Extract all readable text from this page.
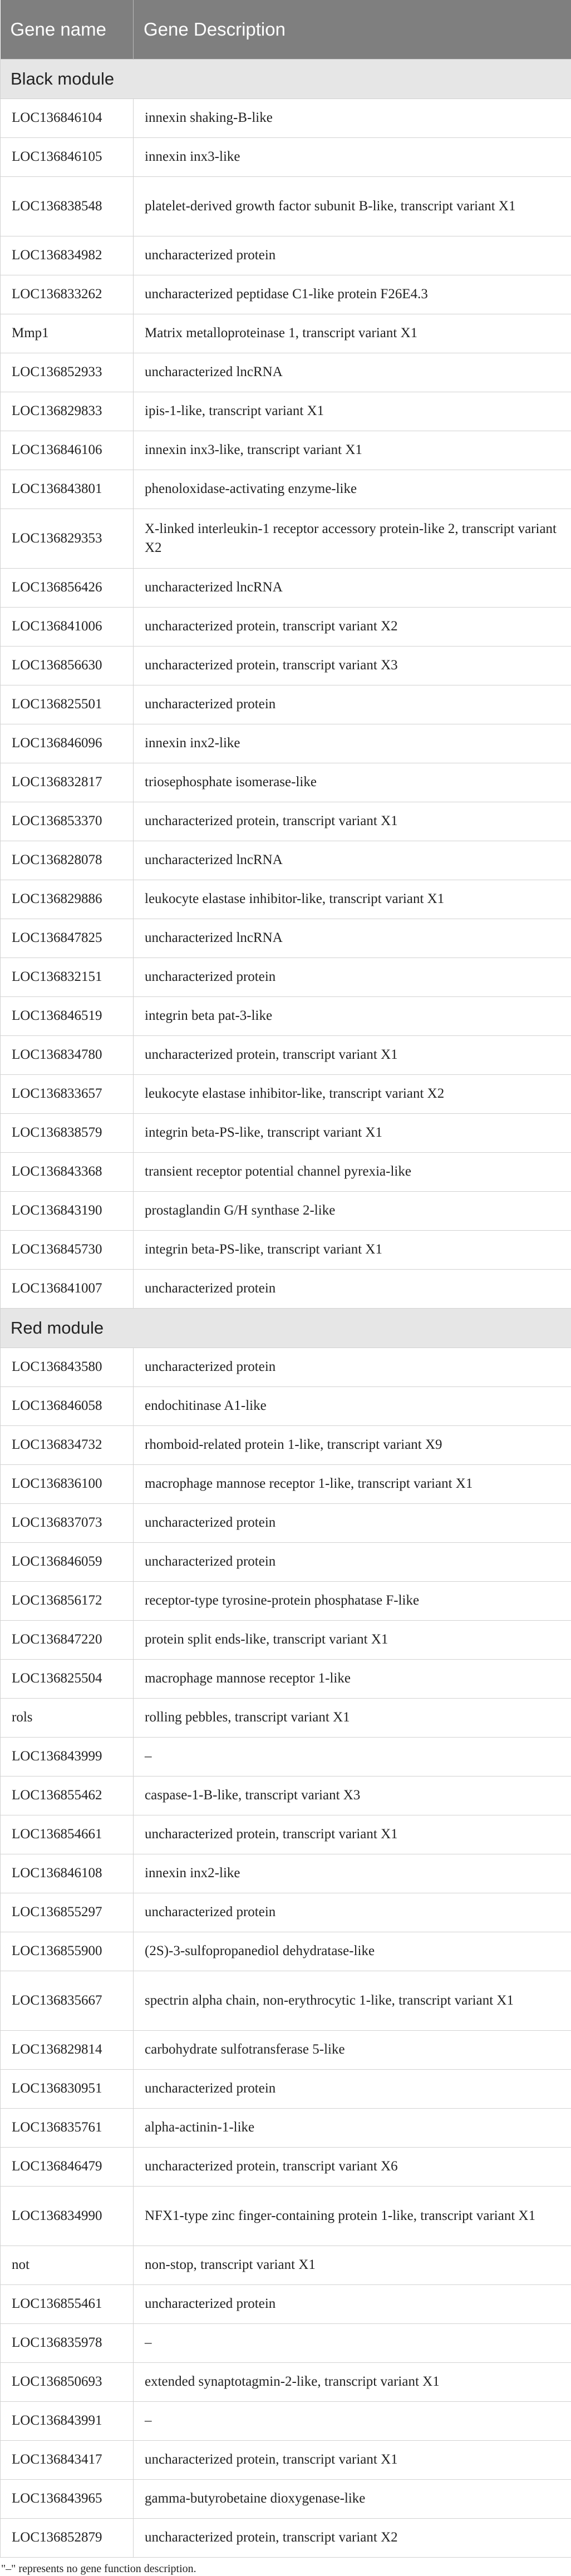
Gene name	Gene Description
Black module	
LOC136846104	innexin shaking-B-like
LOC136846105	innexin inx3-like
LOC136838548	platelet-derived growth factor subunit B-like, transcript variant X1
LOC136834982	uncharacterized protein
LOC136833262	uncharacterized peptidase C1-like protein F26E4.3
Mmp1	Matrix metalloproteinase 1, transcript variant X1
LOC136852933	uncharacterized lncRNA
LOC136829833	ipis-1-like, transcript variant X1
LOC136846106	innexin inx3-like, transcript variant X1
LOC136843801	phenoloxidase-activating enzyme-like
LOC136829353	X-linked interleukin-1 receptor accessory protein-like 2, transcript variant X2
LOC136856426	uncharacterized lncRNA
LOC136841006	uncharacterized protein, transcript variant X2
LOC136856630	uncharacterized protein, transcript variant X3
LOC136825501	uncharacterized protein
LOC136846096	innexin inx2-like
LOC136832817	triosephosphate isomerase-like
LOC136853370	uncharacterized protein, transcript variant X1
LOC136828078	uncharacterized lncRNA
LOC136829886	leukocyte elastase inhibitor-like, transcript variant X1
LOC136847825	uncharacterized lncRNA
LOC136832151	uncharacterized protein
LOC136846519	integrin beta pat-3-like
LOC136834780	uncharacterized protein, transcript variant X1
LOC136833657	leukocyte elastase inhibitor-like, transcript variant X2
LOC136838579	integrin beta-PS-like, transcript variant X1
LOC136843368	transient receptor potential channel pyrexia-like
LOC136843190	prostaglandin G/H synthase 2-like
LOC136845730	integrin beta-PS-like, transcript variant X1
LOC136841007	uncharacterized protein
Red module	
LOC136843580	uncharacterized protein
LOC136846058	endochitinase A1-like
LOC136834732	rhomboid-related protein 1-like, transcript variant X9
LOC136836100	macrophage mannose receptor 1-like, transcript variant X1
LOC136837073	uncharacterized protein
LOC136846059	uncharacterized protein
LOC136856172	receptor-type tyrosine-protein phosphatase F-like
LOC136847220	protein split ends-like, transcript variant X1
LOC136825504	macrophage mannose receptor 1-like
rols	rolling pebbles, transcript variant X1
LOC136843999	–
LOC136855462	caspase-1-B-like, transcript variant X3
LOC136854661	uncharacterized protein, transcript variant X1
LOC136846108	innexin inx2-like
LOC136855297	uncharacterized protein
LOC136855900	(2S)-3-sulfopropanediol dehydratase-like
LOC136835667	spectrin alpha chain, non-erythrocytic 1-like, transcript variant X1
LOC136829814	carbohydrate sulfotransferase 5-like
LOC136830951	uncharacterized protein
LOC136835761	alpha-actinin-1-like
LOC136846479	uncharacterized protein, transcript variant X6
LOC136834990	NFX1-type zinc finger-containing protein 1-like, transcript variant X1
not	non-stop, transcript variant X1
LOC136855461	uncharacterized protein
LOC136835978	–
LOC136850693	extended synaptotagmin-2-like, transcript variant X1
LOC136843991	–
LOC136843417	uncharacterized protein, transcript variant X1
LOC136843965	gamma-butyrobetaine dioxygenase-like
LOC136852879	uncharacterized protein, transcript variant X2
"–" represents no gene function description.
